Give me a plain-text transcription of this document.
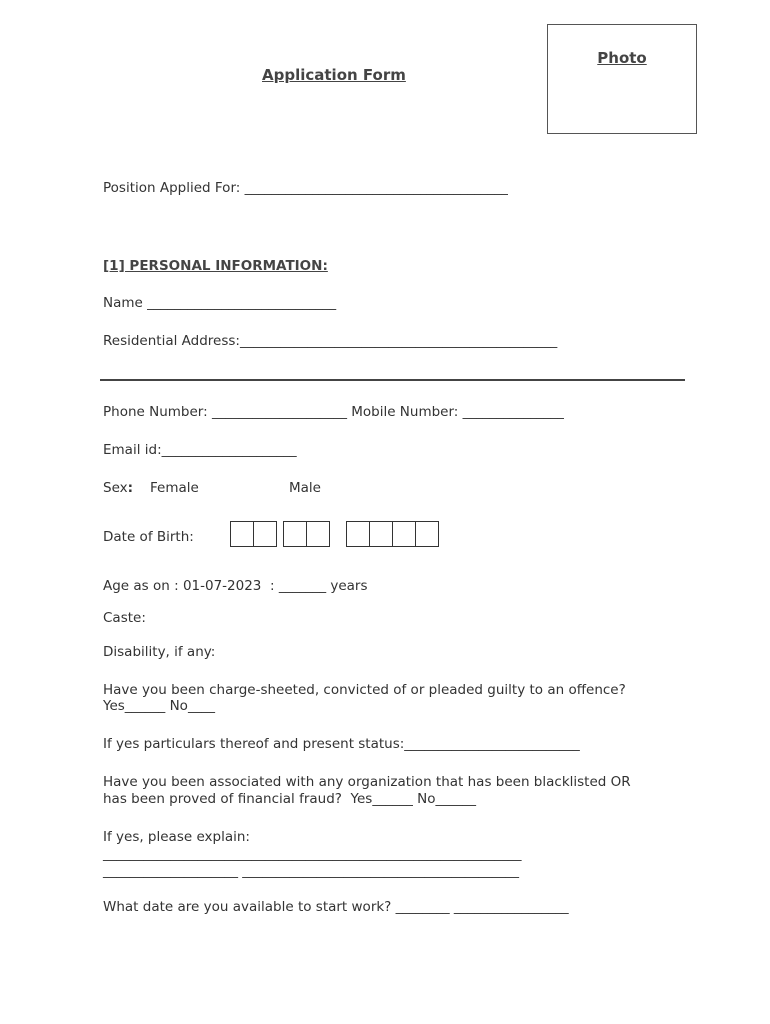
Application Form
Photo
Position Applied For: _______________________________________
[1] PERSONAL INFORMATION:
Name ____________________________
Residential Address:_______________________________________________
Phone Number: ____________________ Mobile Number: _______________
Email id:____________________
Sex: Female	Male
Date of Birth:
Age as on : 01-07-2023  : _______ years
Caste:
Disability, if any:
Have you been charge-sheeted, convicted of or pleaded guilty to an offence?
Yes______ No____
If yes particulars thereof and present status:__________________________
Have you been associated with any organization that has been blacklisted OR
has been proved of financial fraud?  Yes______ No______
If yes, please explain:
______________________________________________________________
____________________ _________________________________________
What date are you available to start work? ________ _________________
